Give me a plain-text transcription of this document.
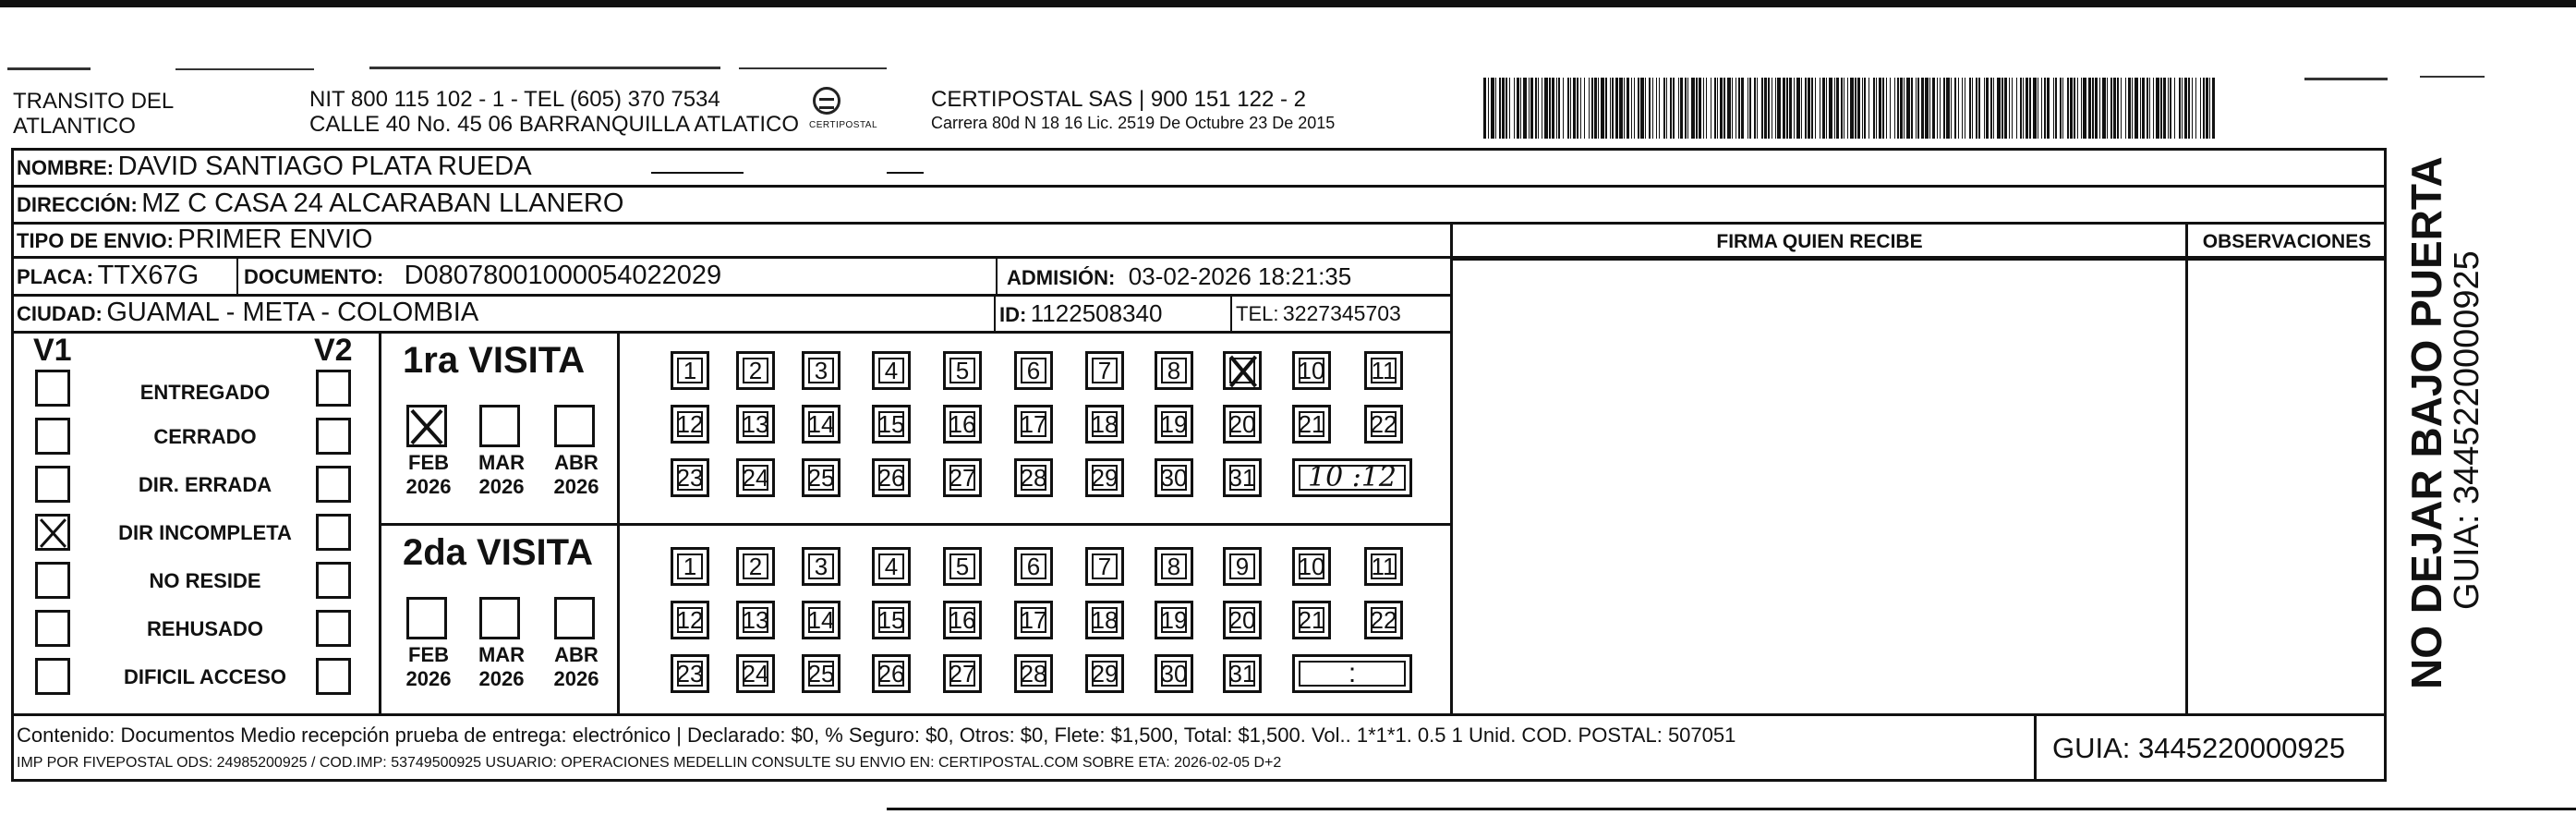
TRANSITO DEL
ATLANTICO
NIT 800 115 102 - 1 - TEL (605) 370 7534
CALLE 40 No. 45 06 BARRANQUILLA ATLATICO CERTIPOSTAL
CERTIPOSTAL SAS | 900 151 122 - 2
Carrera 80d N 18 16 Lic. 2519 De Octubre 23 De 2015
NO DEJAR BAJO PUERTA
GUIA: 3445220000925
FIRMA QUIEN RECIBE	OBSERVACIONES
NOMBRE: DAVID SANTIAGO PLATA RUEDA
DIRECCIÓN: MZ C CASA 24 ALCARABAN LLANERO
TIPO DE ENVIO: PRIMER ENVIO
PLACA: TTX67G DOCUMENTO: D08078001000054022029	ADMISIÓN: 03-02-2026 18:21:35
CIUDAD: GUAMAL - META - COLOMBIA	ID: 1122508340	TEL: 3227345703
V1	V2
ENTREGADO
CERRADO
DIR. ERRADA
DIR INCOMPLETA
NO RESIDE
REHUSADO
DIFICIL ACCESO
1ra VISITA
FEB
2026
MAR
2026
ABR
2026
1	2	3	4	5	6	7	8	10 11
12 13 14 15 16 17 18 19 20 21 22
23 24 25 26 27 28 29 30 31	10 :12
2da VISITA
FEB
2026
MAR
2026
ABR
2026
1	2	3	4	5	6	7	8	9	10 11
12 13 14 15 16 17 18 19 20 21 22
23 24 25 26 27 28 29 30 31	:
Contenido: Documentos Medio recepción prueba de entrega: electrónico | Declarado: $0, % Seguro: $0, Otros: $0, Flete: $1,500, Total: $1,500. Vol.. 1*1*1. 0.5 1 Unid. COD. POSTAL: 507051
IMP POR FIVEPOSTAL ODS: 24985200925 / COD.IMP: 53749500925 USUARIO: OPERACIONES MEDELLIN CONSULTE SU ENVIO EN: CERTIPOSTAL.COM SOBRE ETA: 2026-02-05 D+2	GUIA: 3445220000925
